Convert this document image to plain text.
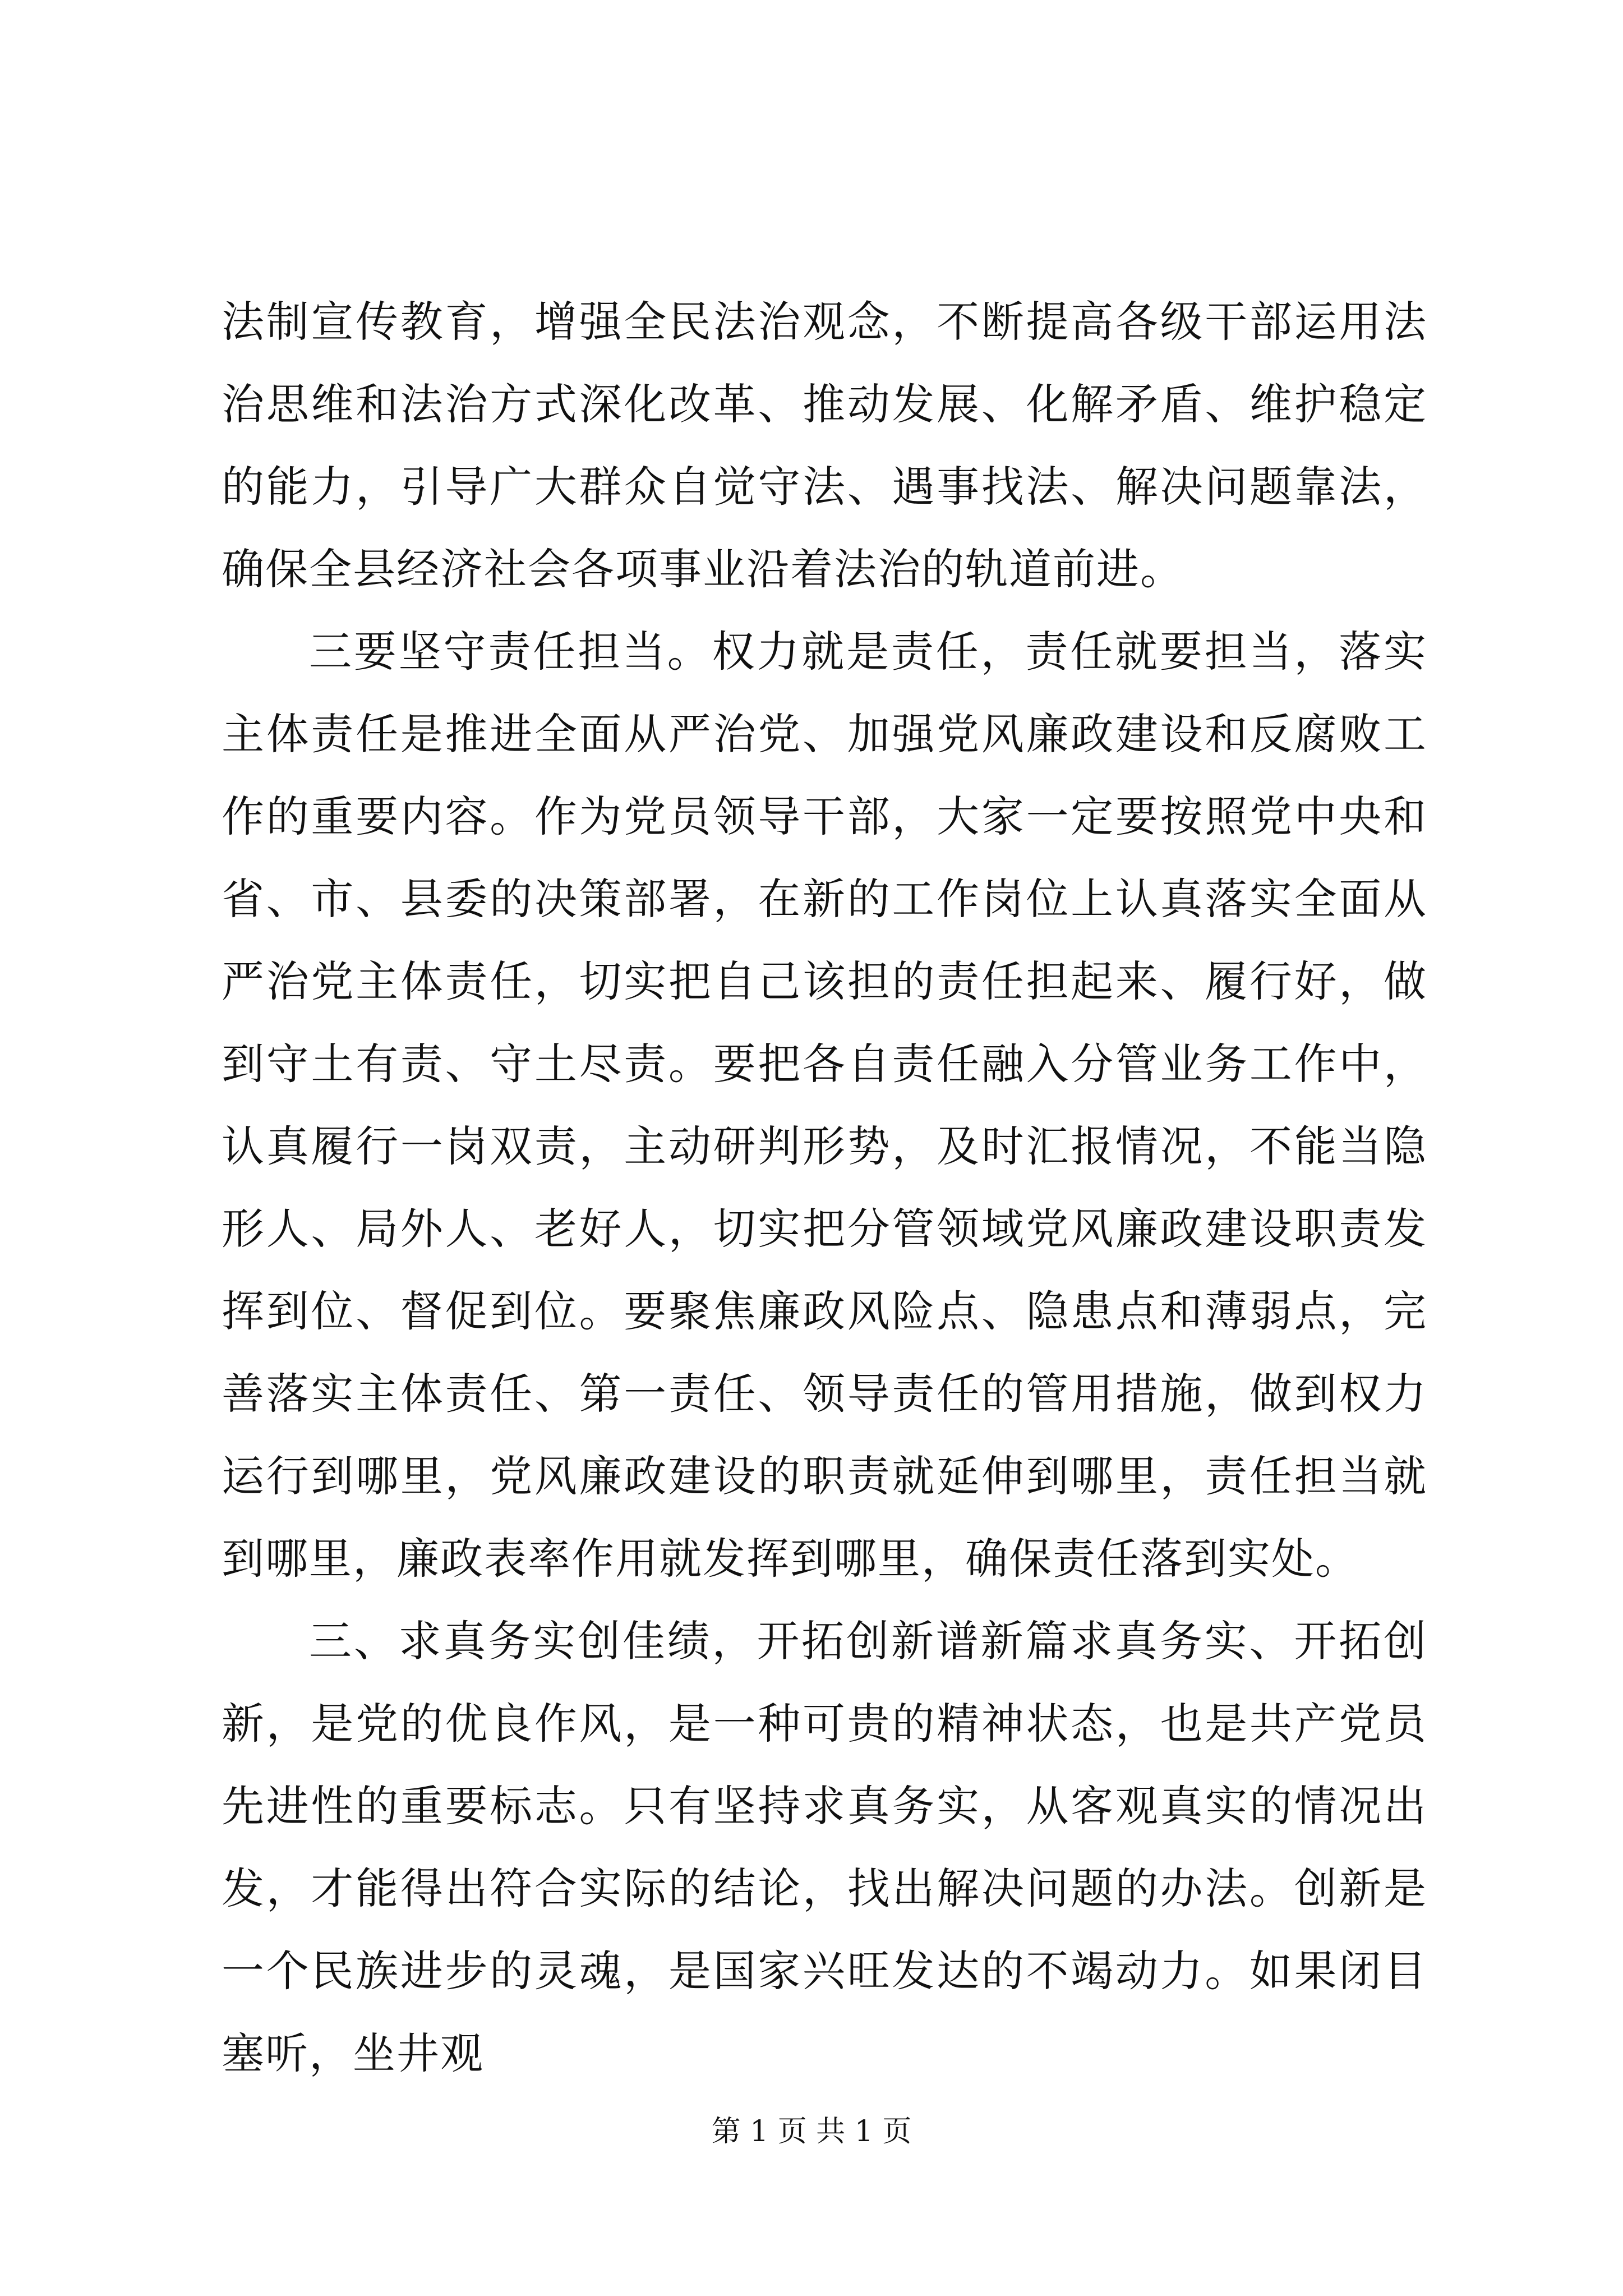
法制宣传教育，增强全民法治观念，不断提高各级干部运用法治思维和法治方式深化改革、推动发展、化解矛盾、维护稳定的能力，引导广大群众自觉守法、遇事找法、解决问题靠法，确保全县经济社会各项事业沿着法治的轨道前进。

三要坚守责任担当。权力就是责任，责任就要担当，落实主体责任是推进全面从严治党、加强党风廉政建设和反腐败工作的重要内容。作为党员领导干部，大家一定要按照党中央和省、市、县委的决策部署，在新的工作岗位上认真落实全面从严治党主体责任，切实把自己该担的责任担起来、履行好，做到守土有责、守土尽责。要把各自责任融入分管业务工作中，认真履行一岗双责，主动研判形势，及时汇报情况，不能当隐形人、局外人、老好人，切实把分管领域党风廉政建设职责发挥到位、督促到位。要聚焦廉政风险点、隐患点和薄弱点，完善落实主体责任、第一责任、领导责任的管用措施，做到权力运行到哪里，党风廉政建设的职责就延伸到哪里，责任担当就到哪里，廉政表率作用就发挥到哪里，确保责任落到实处。

三、求真务实创佳绩，开拓创新谱新篇求真务实、开拓创新，是党的优良作风，是一种可贵的精神状态，也是共产党员先进性的重要标志。只有坚持求真务实，从客观真实的情况出发，才能得出符合实际的结论，找出解决问题的办法。创新是一个民族进步的灵魂，是国家兴旺发达的不竭动力。如果闭目塞听，坐井观

第 1 页 共 1 页
